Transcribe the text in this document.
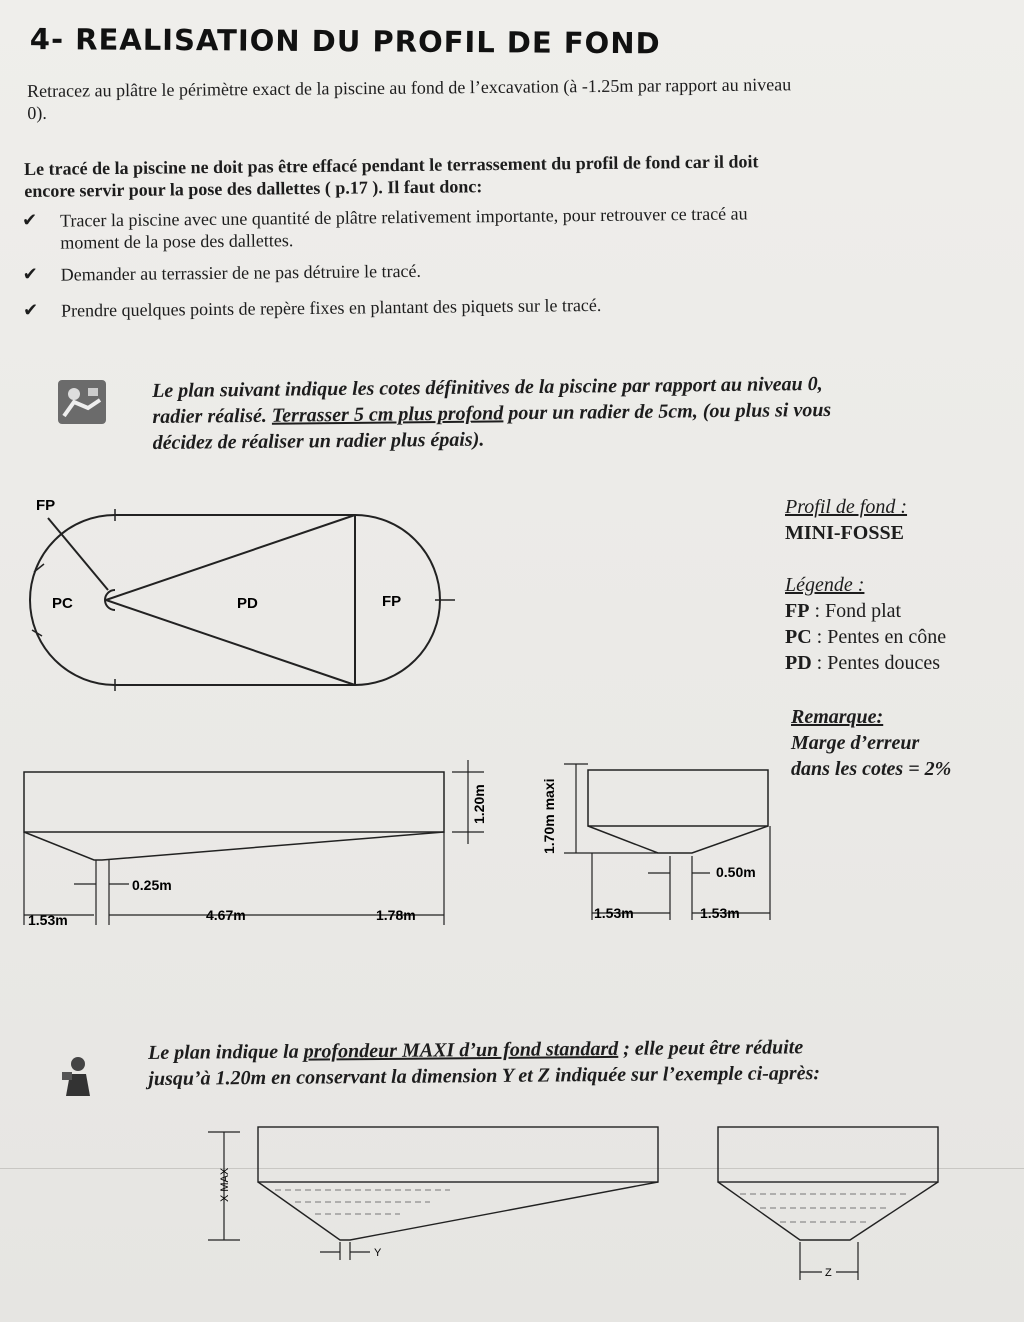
4- REALISATION DU PROFIL DE FOND
Retracez au plâtre le périmètre exact de la piscine au fond de l’excavation (à -1.25m par rapport au niveau
0).
Le tracé de la piscine ne doit pas être effacé pendant le terrassement du profil de fond car il doit
encore servir pour la pose des dallettes ( p.17 ). Il faut donc:
✔ Tracer la piscine avec une quantité de plâtre relativement importante, pour retrouver ce tracé au
moment de la pose des dallettes.
✔ Demander au terrassier de ne pas détruire le tracé.
✔ Prendre quelques points de repère fixes en plantant des piquets sur le tracé.
Le plan suivant indique les cotes définitives de la piscine par rapport au niveau 0,
radier réalisé. Terrasser 5 cm plus profond pour un radier de 5cm, (ou plus si vous
décidez de réaliser un radier plus épais).
FP
PC	PD	FP
Profil de fond :
MINI-FOSSE
Légende :
FP : Fond plat
PC : Pentes en cône
PD : Pentes douces
Remarque:
Marge d’erreur
dans les cotes = 2%
0.25m
1.53m	4.67m	1.78m
1.20m
0.50m
1.53m	1.53m
1.70m maxi
Le plan indique la profondeur MAXI d’un fond standard ; elle peut être réduite
jusqu’à 1.20m en conservant la dimension Y et Z indiquée sur l’exemple ci-après:
X MAX
Y
Z
